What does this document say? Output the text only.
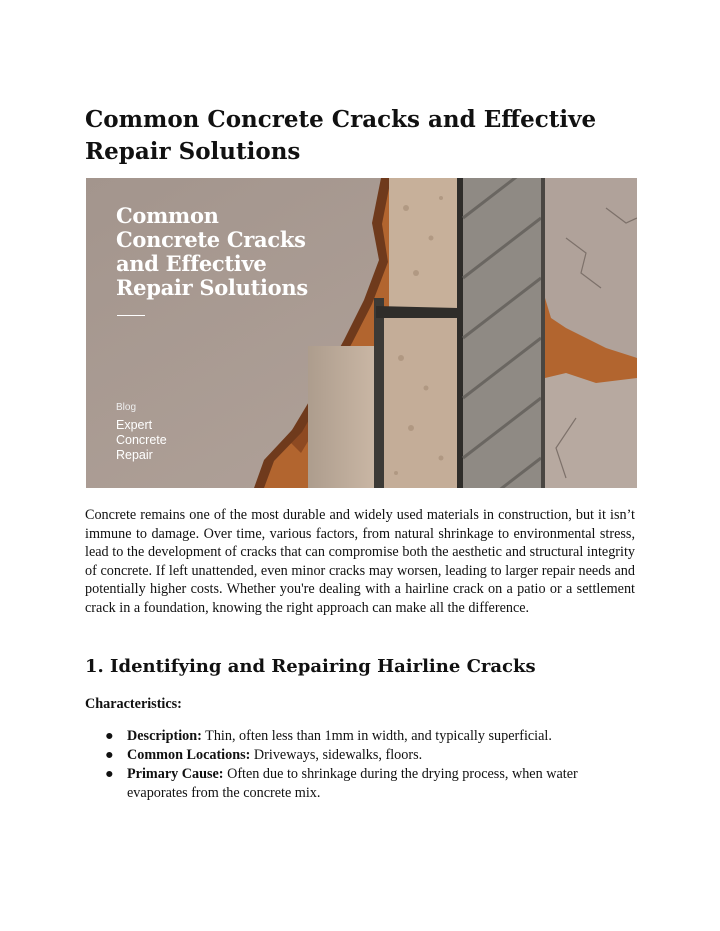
Common Concrete Cracks and Effective Repair Solutions
Common
Concrete Cracks
and Effective
Repair Solutions
Blog
Expert
Concrete
Repair

Concrete remains one of the most durable and widely used materials in construction, but it isn’t immune to damage. Over time, various factors, from natural shrinkage to environmental stress, lead to the development of cracks that can compromise both the aesthetic and structural integrity of concrete. If left unattended, even minor cracks may worsen, leading to larger repair needs and potentially higher costs. Whether you're dealing with a hairline crack on a patio or a settlement crack in a foundation, knowing the right approach can make all the difference.

1. Identifying and Repairing Hairline Cracks

Characteristics:

● Description: Thin, often less than 1mm in width, and typically superficial.
● Common Locations: Driveways, sidewalks, floors.
● Primary Cause: Often due to shrinkage during the drying process, when water evaporates from the concrete mix.
